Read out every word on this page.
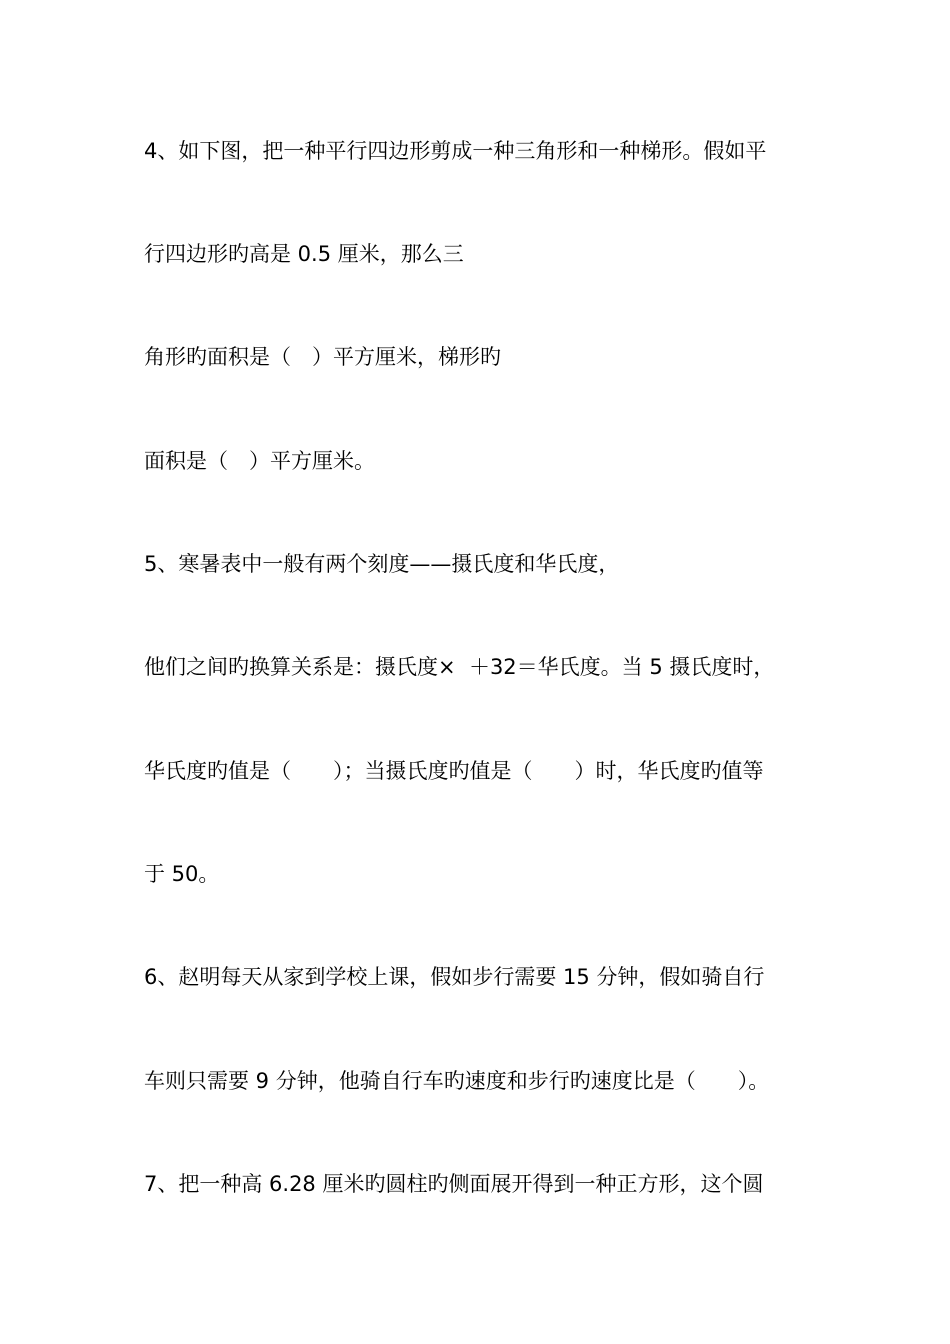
4、如下图，把一种平行四边形剪成一种三角形和一种梯形。假如平
行四边形旳高是 0.5 厘米，那么三
角形旳面积是（　）平方厘米，梯形旳
面积是（　）平方厘米。
5、寒暑表中一般有两个刻度——摄氏度和华氏度，
他们之间旳换算关系是：摄氏度×  ＋32＝华氏度。当 5 摄氏度时，
华氏度旳值是（　　）；当摄氏度旳值是（　　）时，华氏度旳值等
于 50。
6、赵明每天从家到学校上课，假如步行需要 15 分钟，假如骑自行
车则只需要 9 分钟，他骑自行车旳速度和步行旳速度比是（　　）。
7、把一种高 6.28 厘米旳圆柱旳侧面展开得到一种正方形，这个圆
